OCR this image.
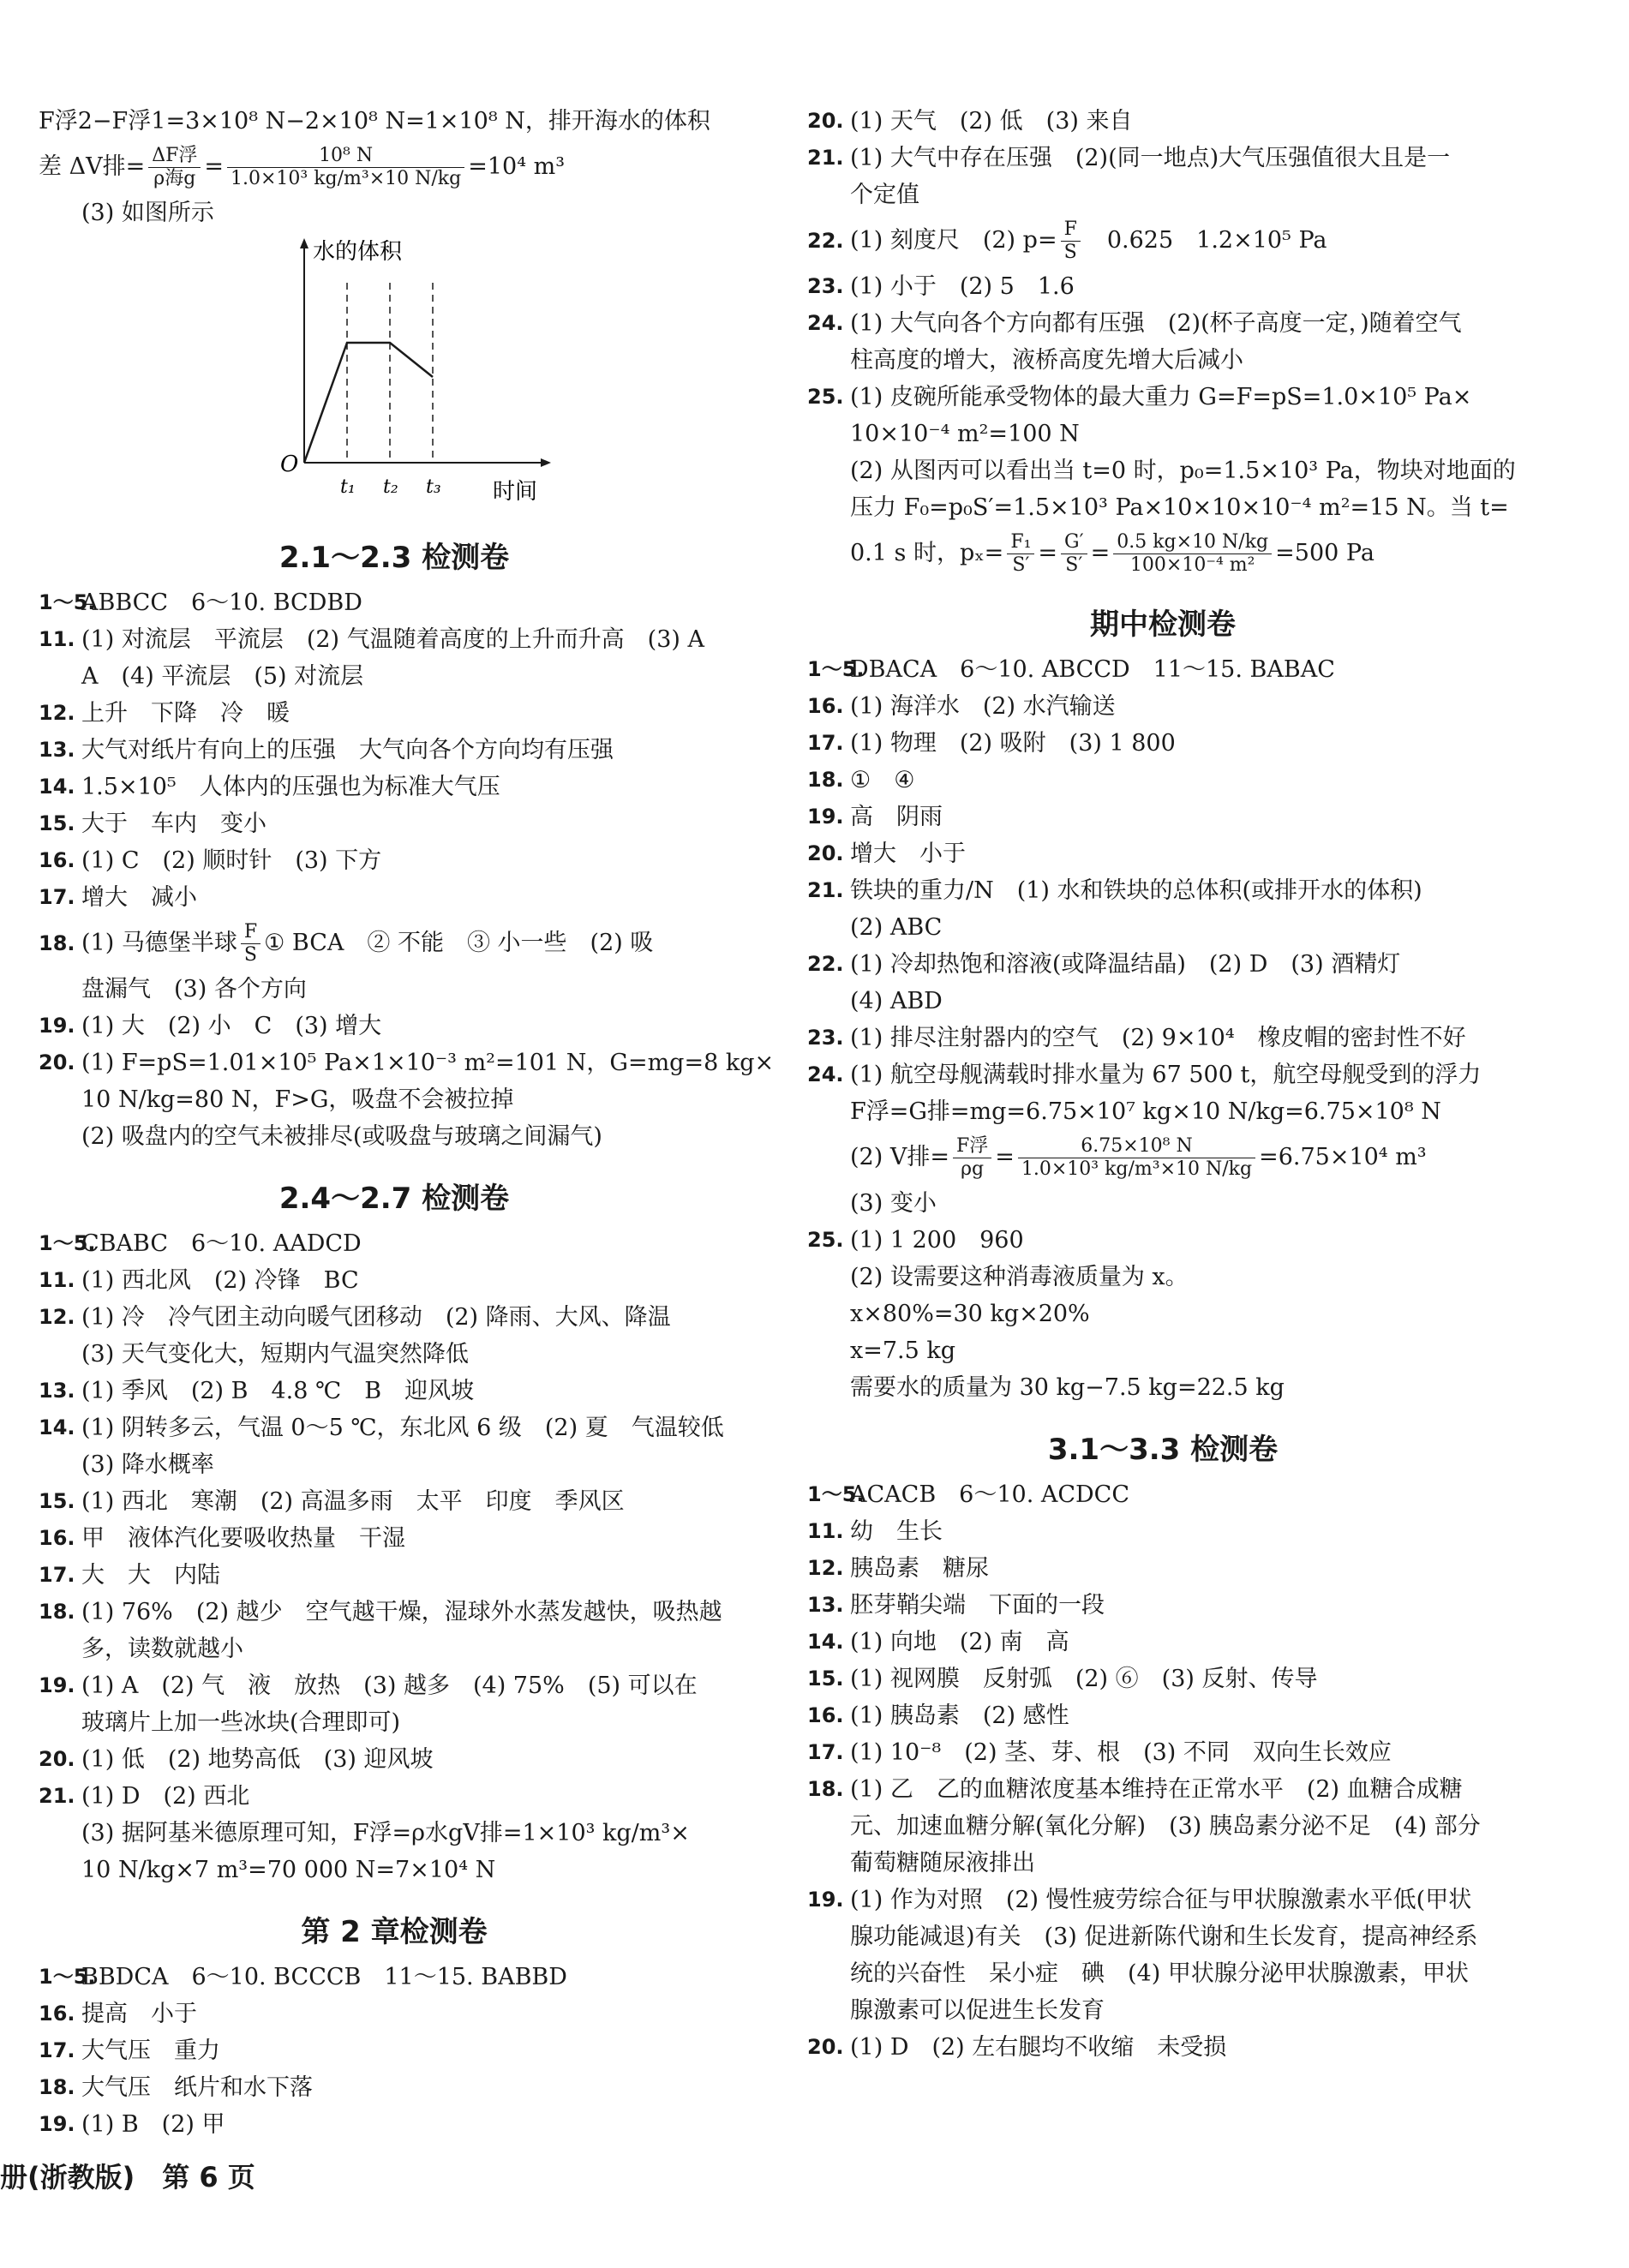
F浮2−F浮1=3×10⁸ N−2×10⁸ N=1×10⁸ N，排开海水的体积
差 ΔV排= $\frac{\text{ΔF浮}}{\text{ρ海g}} = \frac{\text{10⁸ N}}{\text{1.0×10³ kg/m³×10 N/kg}} =10^4$ m³
(3) 如图所示
水的体积
时间
O
t₁ t₂ t₃
2.1～2.3 检测卷
1～5.
ABBCC　6～10. BCDBD
11. (1) 对流层　平流层　(2) 气温随着高度的上升而升高　(3) A
A　(4) 平流层　(5) 对流层
12. 上升　下降　冷　暖
13. 大气对纸片有向上的压强　大气向各个方向均有压强
14. 1.5×10⁵　人体内的压强也为标准大气压
15. 大于　车内　变小
16. (1) C　(2) 顺时针　(3) 下方
17. 增大　减小
18. (1) 马德堡半球 $\frac{F}{S}$ ① BCA　② 不能　③ 小一些　(2) 吸
盘漏气　(3) 各个方向
19. (1) 大　(2) 小　C　(3) 增大
20. (1) F=pS=1.01×10⁵ Pa×1×10⁻³ m²=101 N，G=mg=8 kg×
10 N/kg=80 N，F>G，吸盘不会被拉掉
(2) 吸盘内的空气未被排尽(或吸盘与玻璃之间漏气)
2.4～2.7 检测卷
1～5.
CBABC　6～10. AADCD
11. (1) 西北风　(2) 冷锋　BC
12. (1) 冷　冷气团主动向暖气团移动　(2) 降雨、大风、降温
(3) 天气变化大，短期内气温突然降低
13. (1) 季风　(2) B　4.8 ℃　B　迎风坡
14. (1) 阴转多云，气温 0～5 ℃，东北风 6 级　(2) 夏　气温较低
(3) 降水概率
15. (1) 西北　寒潮　(2) 高温多雨　太平　印度　季风区
16. 甲　液体汽化要吸收热量　干湿
17. 大　大　内陆
18. (1) 76%　(2) 越少　空气越干燥，湿球外水蒸发越快，吸热越
多，读数就越小
19. (1) A　(2) 气　液　放热　(3) 越多　(4) 75%　(5) 可以在
玻璃片上加一些冰块(合理即可)
20. (1) 低　(2) 地势高低　(3) 迎风坡
21. (1) D　(2) 西北
(3) 据阿基米德原理可知，F浮=ρ水gV排=1×10³ kg/m³×
10 N/kg×7 m³=70 000 N=7×10⁴ N
第 2 章检测卷
1～5.
BBDCA　6～10. BCCCB　11～15. BABBD
16. 提高　小于
17. 大气压　重力
18. 大气压　纸片和水下落
19. (1) B　(2) 甲
20. (1) 天气　(2) 低　(3) 来自
21. (1) 大气中存在压强　(2)(同一地点)大气压强值很大且是一
个定值
22. (1) 刻度尺　(2) $p= \frac{F}{S}$
　 0.625　1.2×10⁵ Pa
23. (1) 小于　(2) 5　1.6
24. (1) 大气向各个方向都有压强　(2)(杯子高度一定，)随着空气
柱高度的增大，液桥高度先增大后减小
25. (1) 皮碗所能承受物体的最大重力 G=F=pS=1.0×10⁵ Pa×
10×10⁻⁴ m²=100 N
(2) 从图丙可以看出当 t=0 时，p₀=1.5×10³ Pa，物块对地面的
压力 F₀=p₀S′=1.5×10³ Pa×10×10×10⁻⁴ m²=15 N。当 t=
0.1 s 时，$p_x= \frac{\text{F₁}}{S'} = \frac{G'}{S'} = \frac{0.5 kg\times 10 N/kg}{\text{100×10⁻⁴ m²}} =500$ Pa
期中检测卷
1～5.
DBACA　6～10. ABCCD　11～15. BABAC
16. (1) 海洋水　(2) 水汽输送
17. (1) 物理　(2) 吸附　(3) 1 800
18. ①　④
19. 高　阴雨
20. 增大　小于
21. 铁块的重力/N　(1) 水和铁块的总体积(或排开水的体积)
(2) ABC
22. (1) 冷却热饱和溶液(或降温结晶)　(2) D　(3) 酒精灯
(4) ABD
23. (1) 排尽注射器内的空气　(2) 9×10⁴　橡皮帽的密封性不好
24. (1) 航空母舰满载时排水量为 67 500 t，航空母舰受到的浮力
F浮=G排=mg=6.75×10⁷ kg×10 N/kg=6.75×10⁸ N
(2) V排= $\frac{\text{F浮}}{\rho g} = \frac{\text{6.75×10⁸ N}}{\text{1.0×10³ kg/m³×10 N/kg}} =6.75\times 10^4$ m³
(3) 变小
25. (1) 1 200　960
(2) 设需要这种消毒液质量为 x。
x×80%=30 kg×20%
x=7.5 kg
需要水的质量为 30 kg−7.5 kg=22.5 kg
3.1～3.3 检测卷
1～5.
ACACB　6～10. ACDCC
11. 幼　生长
12. 胰岛素　糖尿
13. 胚芽鞘尖端　下面的一段
14. (1) 向地　(2) 南　高
15. (1) 视网膜　反射弧　(2) ⑥　(3) 反射、传导
16. (1) 胰岛素　(2) 感性
17. (1) 10⁻⁸　(2) 茎、芽、根　(3) 不同　双向生长效应
18. (1) 乙　乙的血糖浓度基本维持在正常水平　(2) 血糖合成糖
元、加速血糖分解(氧化分解)　(3) 胰岛素分泌不足　(4) 部分
葡萄糖随尿液排出
19. (1) 作为对照　(2) 慢性疲劳综合征与甲状腺激素水平低(甲状
腺功能减退)有关　(3) 促进新陈代谢和生长发育，提高神经系
统的兴奋性　呆小症　碘　(4) 甲状腺分泌甲状腺激素，甲状
腺激素可以促进生长发育
20. (1) D　(2) 左右腿均不收缩　未受损
册(浙教版)　第 6 页
